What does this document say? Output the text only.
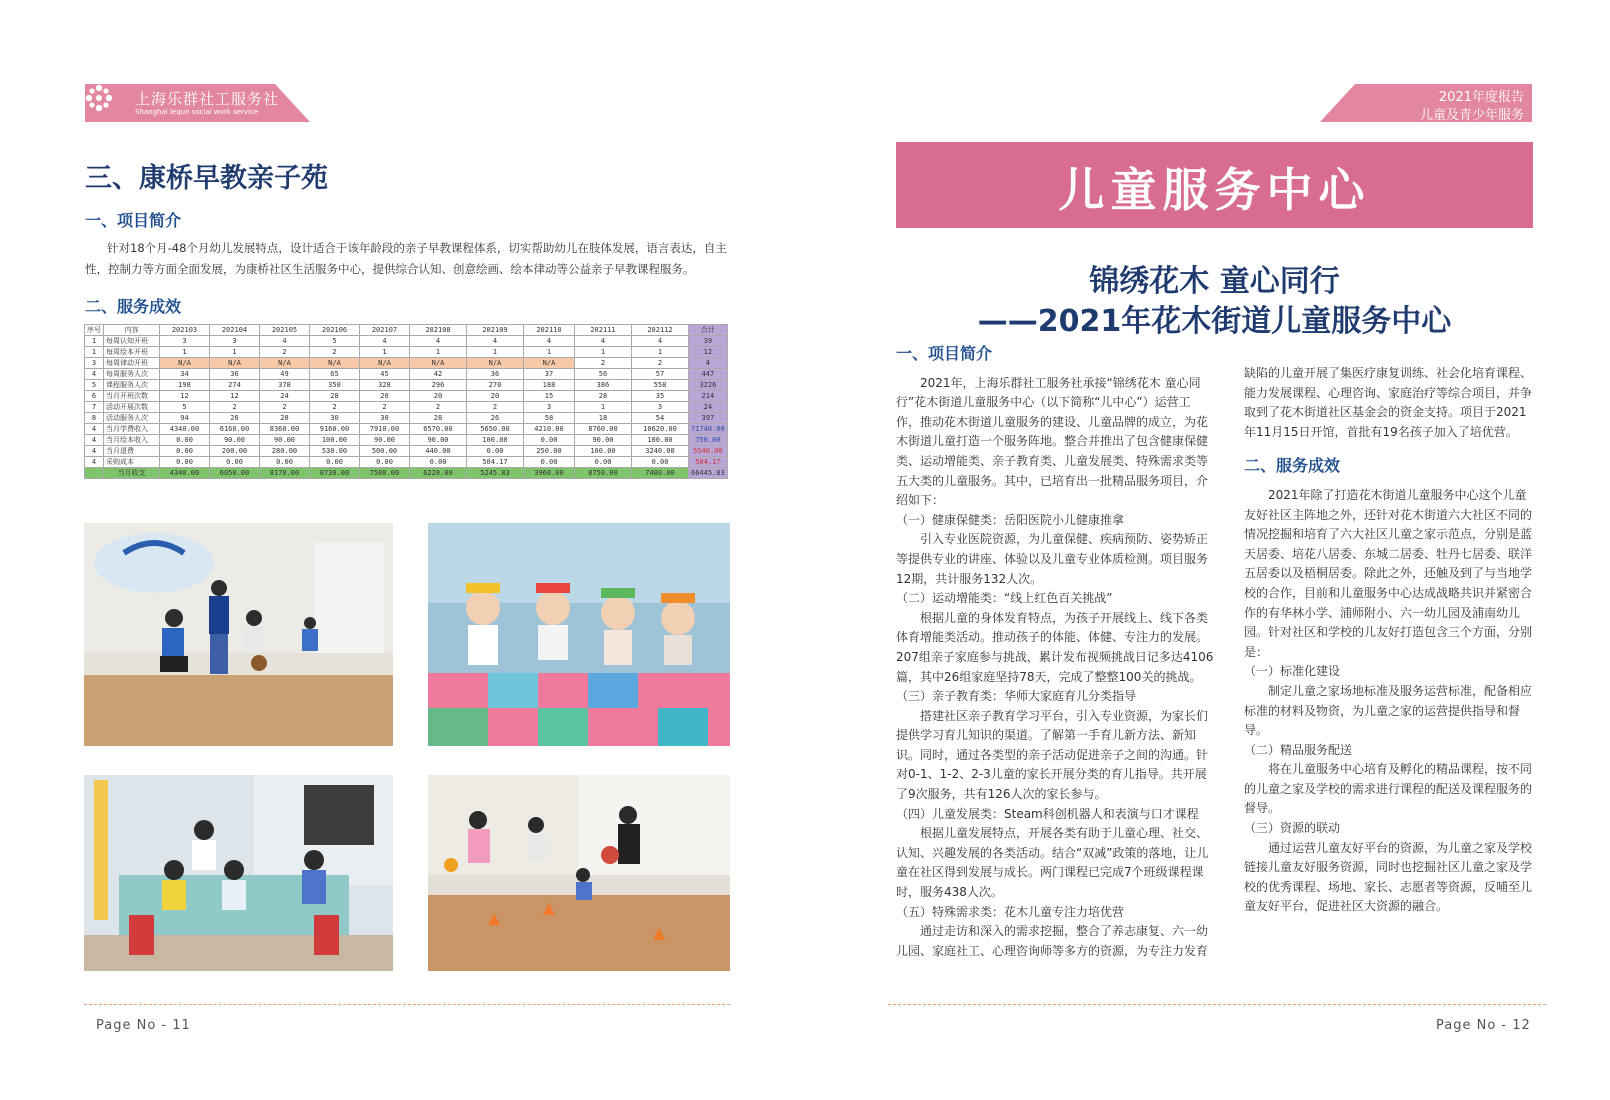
上海乐群社工服务社
Shanghai lequn social work service
2021年度报告
儿童及青少年服务
三、康桥早教亲子苑
一、项目简介
针对18个月-48个月幼儿发展特点，设计适合于该年龄段的亲子早教课程体系，切实帮助幼儿在肢体发展，语言表达，自主性，控制力等方面全面发展，为康桥社区生活服务中心，提供综合认知、创意绘画、绘本律动等公益亲子早教课程服务。
二、服务成效
序号	内容	202103	202104	202105	202106	202107	202108	202109	202110	202111	202112	合计
1	每周认知开班	3	3	4	5	4	4	4	4	4	4	39
1	每周绘本开班	1	1	2	2	1	1	1	1	1	1	12
3	每周律动开班	N/A	N/A	N/A	N/A	N/A	N/A	N/A	N/A	2	2	4
4	每周服务人次	34	36	49	65	45	42	36	37	56	57	447
5	课程服务人次	198	274	378	350	328	296	270	188	386	558	3226
6	当月开班次数	12	12	24	28	20	20	20	15	28	35	214
7	活动开展次数	5	2	2	2	2	2	2	3	1	3	24
8	活动服务人次	94	26	28	30	30	28	26	58	18	54	397
4	当月学费收入	4340.00	6160.00	8360.00	9160.00	7910.00	6570.00	5650.00	4210.00	8760.00	10620.00	71740.00
4	当月绘本收入	0.00	90.00	90.00	100.00	90.00	90.00	100.00	0.00	90.00	100.00	750.00
4	当月退费	0.00	200.00	280.00	530.00	500.00	440.00	0.00	250.00	100.00	3240.00	5540.00
4	采购成本	0.00	0.00	0.00	0.00	0.00	0.00	504.17	0.00	0.00	0.00	504.17
	当月收支	4340.00	6050.00	8170.00	8730.00	7500.00	6220.00	5245.83	3960.00	8750.00	7480.00	66445.83
Page No - 11
儿童服务中心
锦绣花木 童心同行
——2021年花木街道儿童服务中心

一、项目简介

2021年，上海乐群社工服务社承接“锦绣花木 童心同行”花木街道儿童服务中心（以下简称“儿中心”）运营工作，推动花木街道儿童服务的建设、儿童品牌的成立，为花木街道儿童打造一个服务阵地。整合并推出了包含健康保健类、运动增能类、亲子教育类、儿童发展类、特殊需求类等五大类的儿童服务。其中，已培育出一批精品服务项目，介绍如下：

（一）健康保健类：岳阳医院小儿健康推拿

引入专业医院资源，为儿童保健、疾病预防、姿势矫正等提供专业的讲座、体验以及儿童专业体质检测。项目服务12期，共计服务132人次。

（二）运动增能类：“线上红色百关挑战”

根据儿童的身体发育特点，为孩子开展线上、线下各类体育增能类活动。推动孩子的体能、体健、专注力的发展。207组亲子家庭参与挑战，累计发布视频挑战日记多达4106篇，其中26组家庭坚持78天，完成了整整100关的挑战。

（三）亲子教育类：华师大家庭育儿分类指导

搭建社区亲子教育学习平台，引入专业资源，为家长们提供学习育儿知识的渠道。了解第一手育儿新方法、新知识。同时，通过各类型的亲子活动促进亲子之间的沟通。针对0-1、1-2、2-3儿童的家长开展分类的育儿指导。共开展了9次服务，共有126人次的家长参与。

（四）儿童发展类：Steam科创机器人和表演与口才课程

根据儿童发展特点，开展各类有助于儿童心理、社交、认知、兴趣发展的各类活动。结合“双减”政策的落地，让儿童在社区得到发展与成长。两门课程已完成7个班级课程课时，服务438人次。

（五）特殊需求类：花木儿童专注力培优营

通过走访和深入的需求挖掘，整合了养志康复、六一幼儿园、家庭社工、心理咨询师等多方的资源，为专注力发育

缺陷的儿童开展了集医疗康复训练、社会化培育课程、能力发展课程、心理咨询、家庭治疗等综合项目，并争取到了花木街道社区基金会的资金支持。项目于2021年11月15日开馆，首批有19名孩子加入了培优营。

二、服务成效

2021年除了打造花木街道儿童服务中心这个儿童友好社区主阵地之外，还针对花木街道六大社区不同的情况挖掘和培育了六大社区儿童之家示范点，分别是蓝天居委、培花八居委、东城二居委、牡丹七居委、联洋五居委以及梧桐居委。除此之外，还触及到了与当地学校的合作，目前和儿童服务中心达成战略共识并紧密合作的有华林小学、浦师附小、六一幼儿园及浦南幼儿园。针对社区和学校的儿友好打造包含三个方面，分别是：

（一）标准化建设

制定儿童之家场地标准及服务运营标准，配备相应标准的材料及物资，为儿童之家的运营提供指导和督导。

（二）精品服务配送

将在儿童服务中心培育及孵化的精品课程，按不同的儿童之家及学校的需求进行课程的配送及课程服务的督导。

（三）资源的联动

通过运营儿童友好平台的资源，为儿童之家及学校链接儿童友好服务资源，同时也挖掘社区儿童之家及学校的优秀课程、场地、家长、志愿者等资源，反哺至儿童友好平台，促进社区大资源的融合。

Page No - 12
